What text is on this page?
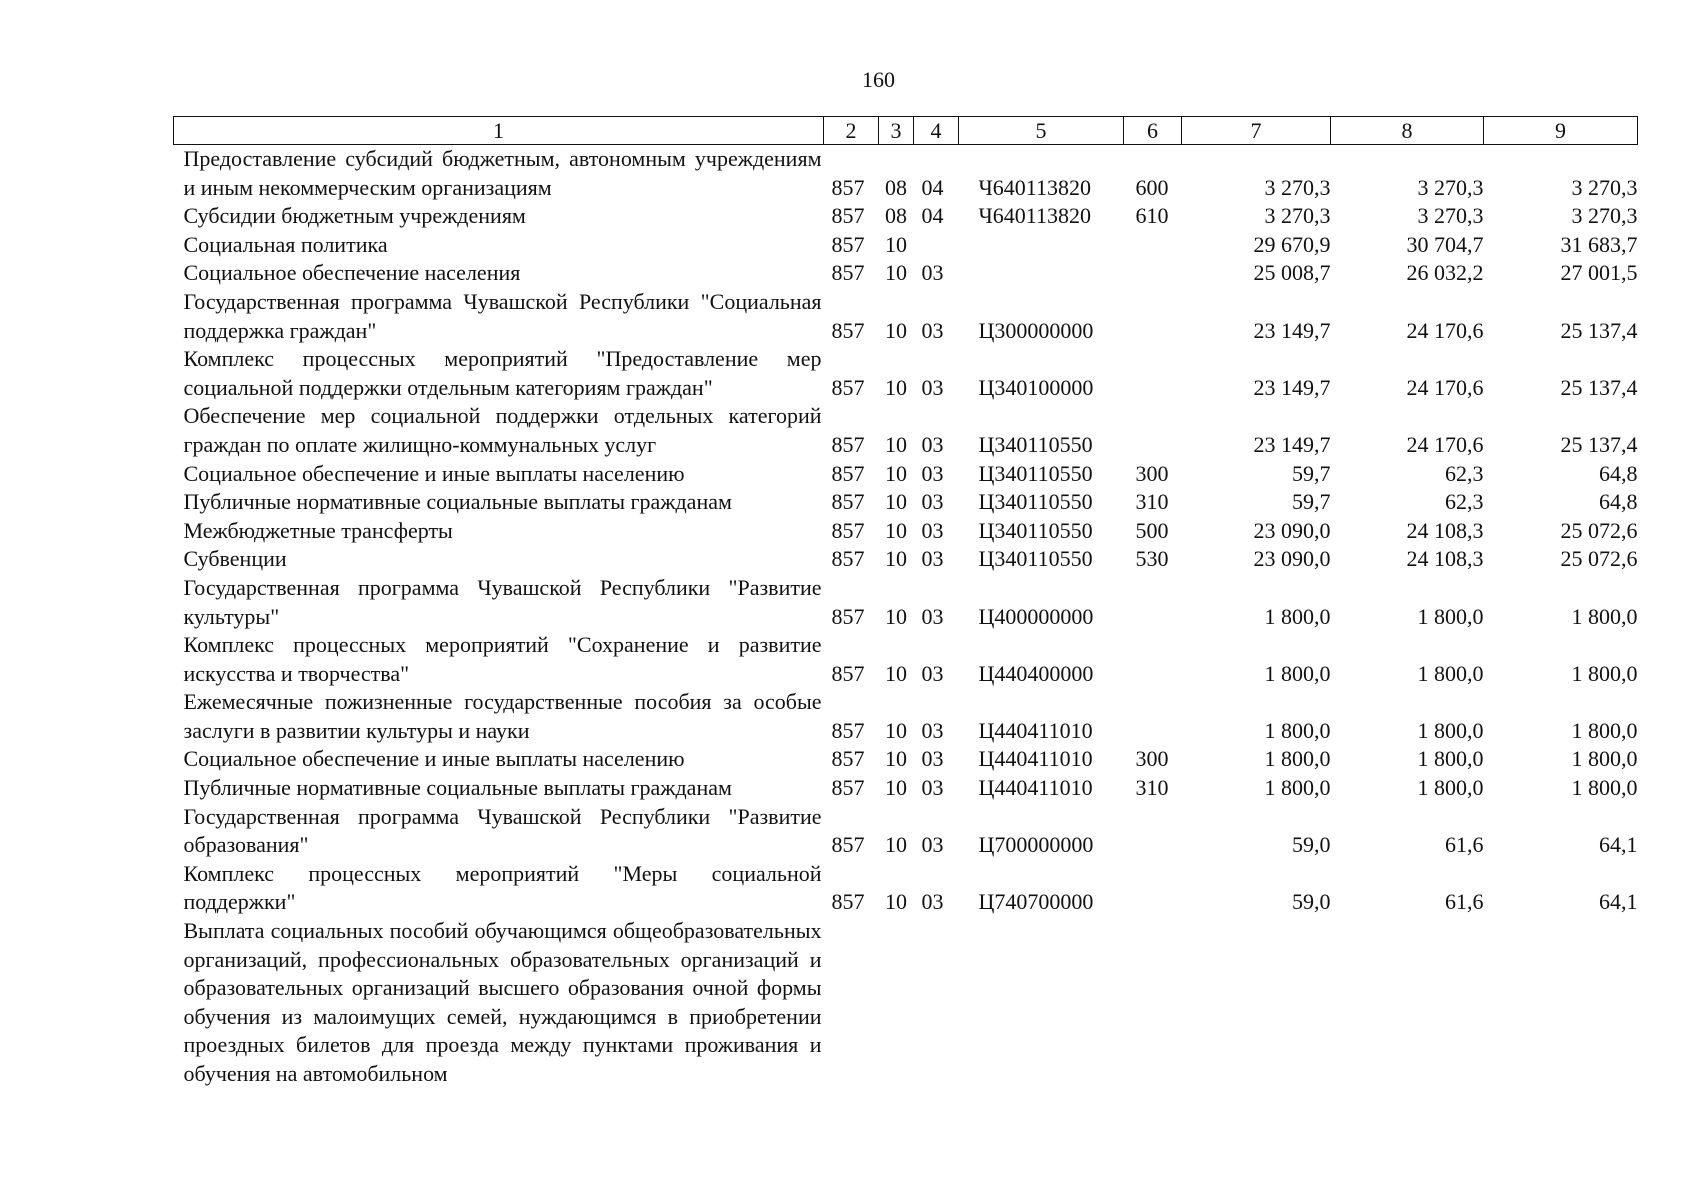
160
1	2	3	4	5	6	7	8	9
Предоставление субсидий бюджетным, автономным учреждениям и иным некоммерческим организациям	857	08	04	Ч640113820	600	3 270,3	3 270,3	3 270,3
Субсидии бюджетным учреждениям	857	08	04	Ч640113820	610	3 270,3	3 270,3	3 270,3
Социальная политика	857	10				29 670,9	30 704,7	31 683,7
Социальное обеспечение населения	857	10	03			25 008,7	26 032,2	27 001,5
Государственная программа Чувашской Республики "Социальная поддержка граждан"	857	10	03	Ц300000000		23 149,7	24 170,6	25 137,4
Комплекс процессных мероприятий "Предоставление мер социальной поддержки отдельным категориям граждан"	857	10	03	Ц340100000		23 149,7	24 170,6	25 137,4
Обеспечение мер социальной поддержки отдельных категорий граждан по оплате жилищно-коммунальных услуг	857	10	03	Ц340110550		23 149,7	24 170,6	25 137,4
Социальное обеспечение и иные выплаты населению	857	10	03	Ц340110550	300	59,7	62,3	64,8
Публичные нормативные социальные выплаты гражданам	857	10	03	Ц340110550	310	59,7	62,3	64,8
Межбюджетные трансферты	857	10	03	Ц340110550	500	23 090,0	24 108,3	25 072,6
Субвенции	857	10	03	Ц340110550	530	23 090,0	24 108,3	25 072,6
Государственная программа Чувашской Республики "Развитие культуры"	857	10	03	Ц400000000		1 800,0	1 800,0	1 800,0
Комплекс процессных мероприятий "Сохранение и развитие искусства и творчества"	857	10	03	Ц440400000		1 800,0	1 800,0	1 800,0
Ежемесячные пожизненные государственные пособия за особые заслуги в развитии культуры и науки	857	10	03	Ц440411010		1 800,0	1 800,0	1 800,0
Социальное обеспечение и иные выплаты населению	857	10	03	Ц440411010	300	1 800,0	1 800,0	1 800,0
Публичные нормативные социальные выплаты гражданам	857	10	03	Ц440411010	310	1 800,0	1 800,0	1 800,0
Государственная программа Чувашской Республики "Развитие образования"	857	10	03	Ц700000000		59,0	61,6	64,1
Комплекс процессных мероприятий "Меры социальной поддержки"	857	10	03	Ц740700000		59,0	61,6	64,1
Выплата социальных пособий обучающимся общеобразовательных организаций, профессиональных образовательных организаций и образовательных организаций высшего образования очной формы обучения из малоимущих семей, нуждающимся в приобретении проездных билетов для проезда между пунктами проживания и обучения на автомобильном								
